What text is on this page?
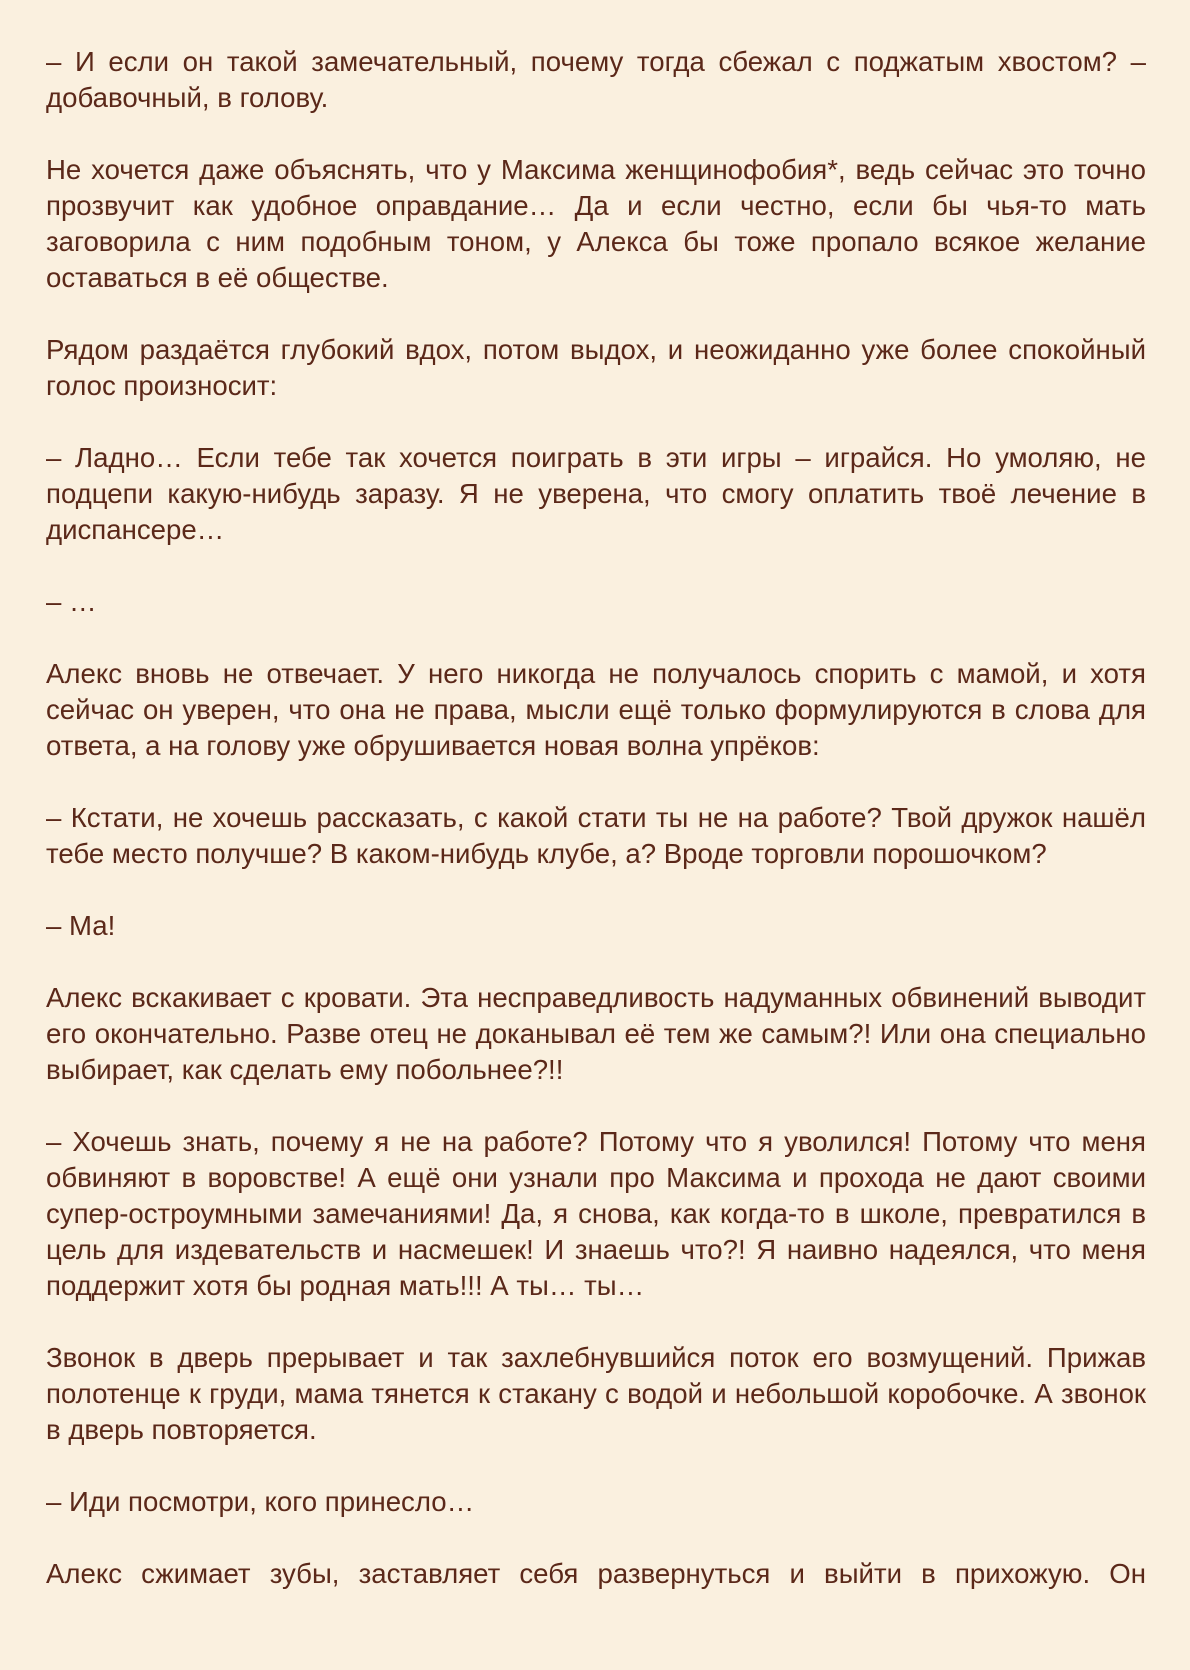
– И если он такой замечательный, почему тогда сбежал с поджатым хвостом? – добавочный, в голову.

Не хочется даже объяснять, что у Максима женщинофобия*, ведь сейчас это точно прозвучит как удобное оправдание… Да и если честно, если бы чья-то мать заговорила с ним подобным тоном, у Алекса бы тоже пропало всякое желание оставаться в её обществе.

Рядом раздаётся глубокий вдох, потом выдох, и неожиданно уже более спокойный голос произносит:

– Ладно… Если тебе так хочется поиграть в эти игры – играйся. Но умоляю, не подцепи какую-нибудь заразу. Я не уверена, что смогу оплатить твоё лечение в диспансере…

– …

Алекс вновь не отвечает. У него никогда не получалось спорить с мамой, и хотя сейчас он уверен, что она не права, мысли ещё только формулируются в слова для ответа, а на голову уже обрушивается новая волна упрёков:

– Кстати, не хочешь рассказать, с какой стати ты не на работе? Твой дружок нашёл тебе место получше? В каком-нибудь клубе, а? Вроде торговли порошочком?

– Ма!

Алекс вскакивает с кровати. Эта несправедливость надуманных обвинений выводит его окончательно. Разве отец не доканывал её тем же самым?! Или она специально выбирает, как сделать ему побольнее?!!

– Хочешь знать, почему я не на работе? Потому что я уволился! Потому что меня обвиняют в воровстве! А ещё они узнали про Максима и прохода не дают своими супер-остроумными замечаниями! Да, я снова, как когда-то в школе, превратился в цель для издевательств и насмешек! И знаешь что?! Я наивно надеялся, что меня поддержит хотя бы родная мать!!! А ты… ты…

Звонок в дверь прерывает и так захлебнувшийся поток его возмущений. Прижав полотенце к груди, мама тянется к стакану с водой и небольшой коробочке. А звонок в дверь повторяется.

– Иди посмотри, кого принесло…

Алекс сжимает зубы, заставляет себя развернуться и выйти в прихожую. Он
